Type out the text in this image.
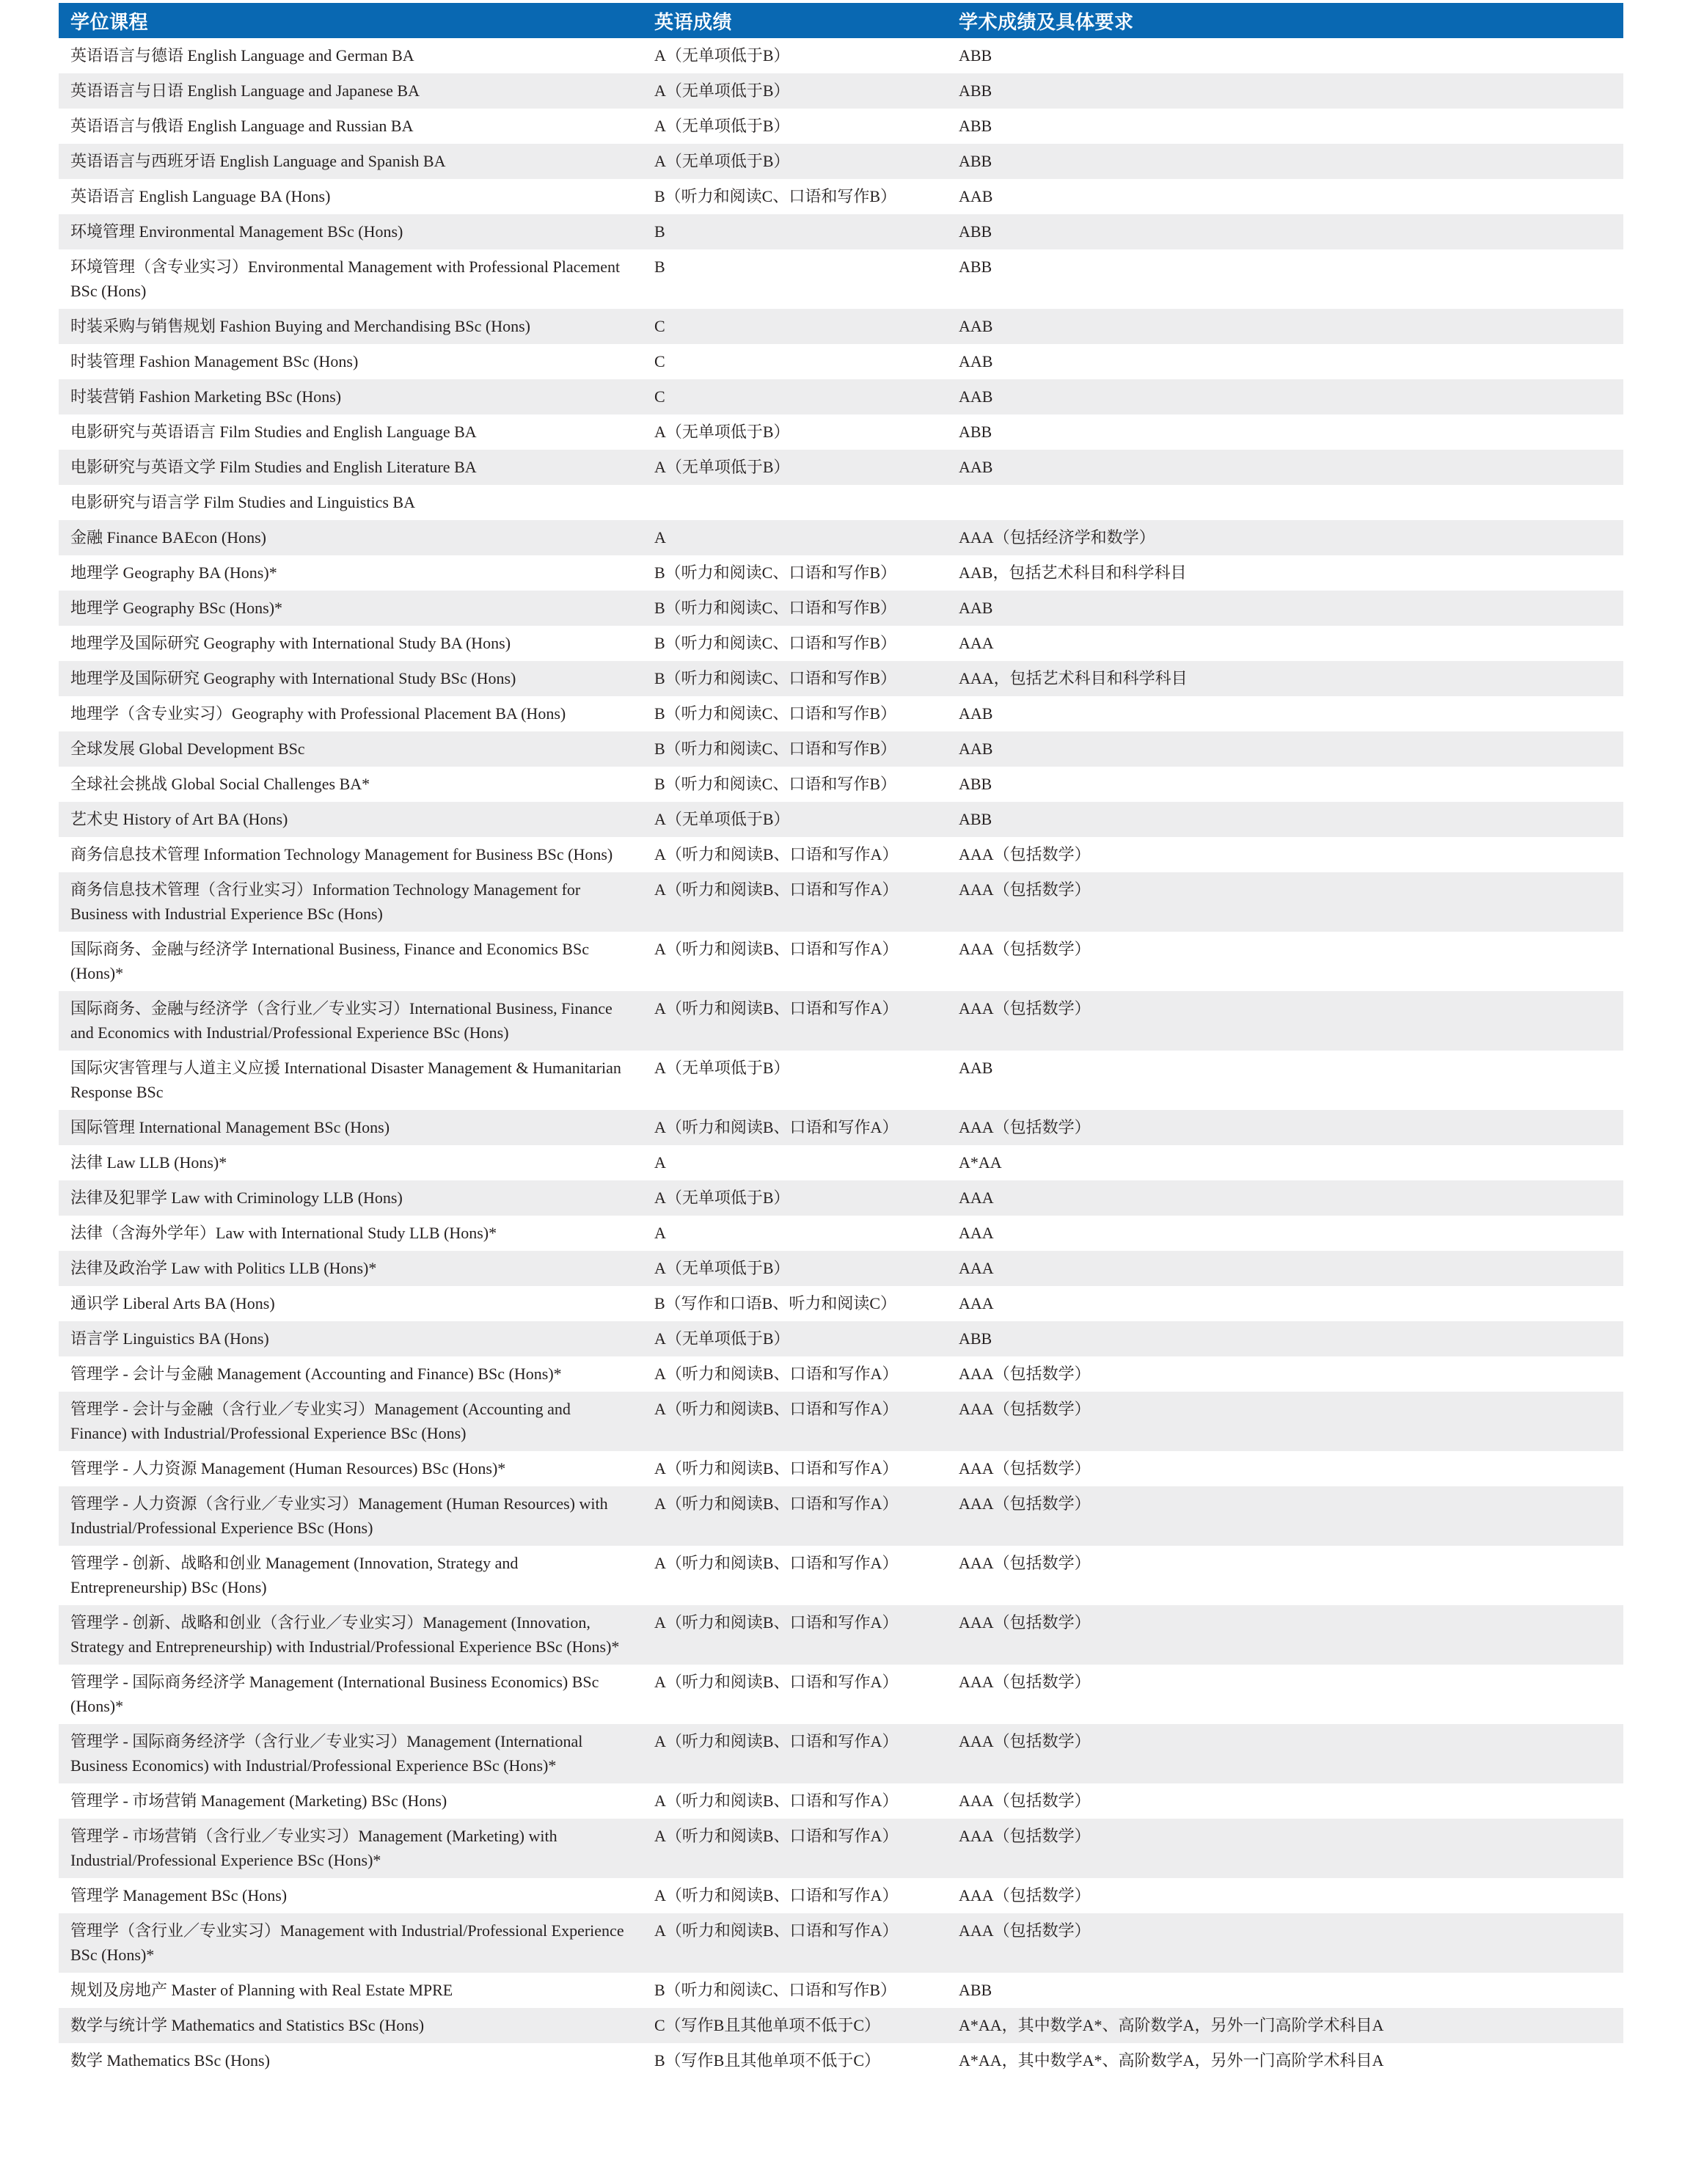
学位课程	英语成绩	学术成绩及具体要求
英语语言与德语 English Language and German BA	A（无单项低于B）	ABB
英语语言与日语 English Language and Japanese BA	A（无单项低于B）	ABB
英语语言与俄语 English Language and Russian BA	A（无单项低于B）	ABB
英语语言与西班牙语 English Language and Spanish BA	A（无单项低于B）	ABB
英语语言 English Language BA (Hons)	B（听力和阅读C、口语和写作B）	AAB
环境管理 Environmental Management BSc (Hons)	B	ABB
环境管理（含专业实习）Environmental Management with Professional Placement BSc (Hons)	B	ABB
时装采购与销售规划 Fashion Buying and Merchandising BSc (Hons)	C	AAB
时装管理 Fashion Management BSc (Hons)	C	AAB
时装营销 Fashion Marketing BSc (Hons)	C	AAB
电影研究与英语语言 Film Studies and English Language BA	A（无单项低于B）	ABB
电影研究与英语文学 Film Studies and English Literature BA	A（无单项低于B）	AAB
电影研究与语言学 Film Studies and Linguistics BA		
金融 Finance BAEcon (Hons)	A	AAA（包括经济学和数学）
地理学 Geography BA (Hons)*	B（听力和阅读C、口语和写作B）	AAB，包括艺术科目和科学科目
地理学 Geography BSc (Hons)*	B（听力和阅读C、口语和写作B）	AAB
地理学及国际研究 Geography with International Study BA (Hons)	B（听力和阅读C、口语和写作B）	AAA
地理学及国际研究 Geography with International Study BSc (Hons)	B（听力和阅读C、口语和写作B）	AAA，包括艺术科目和科学科目
地理学（含专业实习）Geography with Professional Placement BA (Hons)	B（听力和阅读C、口语和写作B）	AAB
全球发展 Global Development BSc	B（听力和阅读C、口语和写作B）	AAB
全球社会挑战 Global Social Challenges BA*	B（听力和阅读C、口语和写作B）	ABB
艺术史 History of Art BA (Hons)	A（无单项低于B）	ABB
商务信息技术管理 Information Technology Management for Business BSc (Hons)	A（听力和阅读B、口语和写作A）	AAA（包括数学）
商务信息技术管理（含行业实习）Information Technology Management for Business with Industrial Experience BSc (Hons)	A（听力和阅读B、口语和写作A）	AAA（包括数学）
国际商务、金融与经济学 International Business, Finance and Economics BSc (Hons)*	A（听力和阅读B、口语和写作A）	AAA（包括数学）
国际商务、金融与经济学（含行业／专业实习）International Business, Finance and Economics with Industrial/Professional Experience BSc (Hons)	A（听力和阅读B、口语和写作A）	AAA（包括数学）
国际灾害管理与人道主义应援 International Disaster Management & Humanitarian Response BSc	A（无单项低于B）	AAB
国际管理 International Management BSc (Hons)	A（听力和阅读B、口语和写作A）	AAA（包括数学）
法律 Law LLB (Hons)*	A	A*AA
法律及犯罪学 Law with Criminology LLB (Hons)	A（无单项低于B）	AAA
法律（含海外学年）Law with International Study LLB (Hons)*	A	AAA
法律及政治学 Law with Politics LLB (Hons)*	A（无单项低于B）	AAA
通识学 Liberal Arts BA (Hons)	B（写作和口语B、听力和阅读C）	AAA
语言学 Linguistics BA (Hons)	A（无单项低于B）	ABB
管理学 - 会计与金融 Management (Accounting and Finance) BSc (Hons)*	A（听力和阅读B、口语和写作A）	AAA（包括数学）
管理学 - 会计与金融（含行业／专业实习）Management (Accounting and Finance) with Industrial/Professional Experience BSc (Hons)	A（听力和阅读B、口语和写作A）	AAA（包括数学）
管理学 - 人力资源 Management (Human Resources) BSc (Hons)*	A（听力和阅读B、口语和写作A）	AAA（包括数学）
管理学 - 人力资源（含行业／专业实习）Management (Human Resources) with Industrial/Professional Experience BSc (Hons)	A（听力和阅读B、口语和写作A）	AAA（包括数学）
管理学 - 创新、战略和创业 Management (Innovation, Strategy and Entrepreneurship) BSc (Hons)	A（听力和阅读B、口语和写作A）	AAA（包括数学）
管理学 - 创新、战略和创业（含行业／专业实习）Management (Innovation, Strategy and Entrepreneurship) with Industrial/Professional Experience BSc (Hons)*	A（听力和阅读B、口语和写作A）	AAA（包括数学）
管理学 - 国际商务经济学 Management (International Business Economics) BSc (Hons)*	A（听力和阅读B、口语和写作A）	AAA（包括数学）
管理学 - 国际商务经济学（含行业／专业实习）Management (International Business Economics) with Industrial/Professional Experience BSc (Hons)*	A（听力和阅读B、口语和写作A）	AAA（包括数学）
管理学 - 市场营销 Management (Marketing) BSc (Hons)	A（听力和阅读B、口语和写作A）	AAA（包括数学）
管理学 - 市场营销（含行业／专业实习）Management (Marketing) with Industrial/Professional Experience BSc (Hons)*	A（听力和阅读B、口语和写作A）	AAA（包括数学）
管理学 Management BSc (Hons)	A（听力和阅读B、口语和写作A）	AAA（包括数学）
管理学（含行业／专业实习）Management with Industrial/Professional Experience BSc (Hons)*	A（听力和阅读B、口语和写作A）	AAA（包括数学）
规划及房地产 Master of Planning with Real Estate MPRE	B（听力和阅读C、口语和写作B）	ABB
数学与统计学 Mathematics and Statistics BSc (Hons)	C（写作B且其他单项不低于C）	A*AA，其中数学A*、高阶数学A，另外一门高阶学术科目A
数学 Mathematics BSc (Hons)	B（写作B且其他单项不低于C）	A*AA，其中数学A*、高阶数学A，另外一门高阶学术科目A
